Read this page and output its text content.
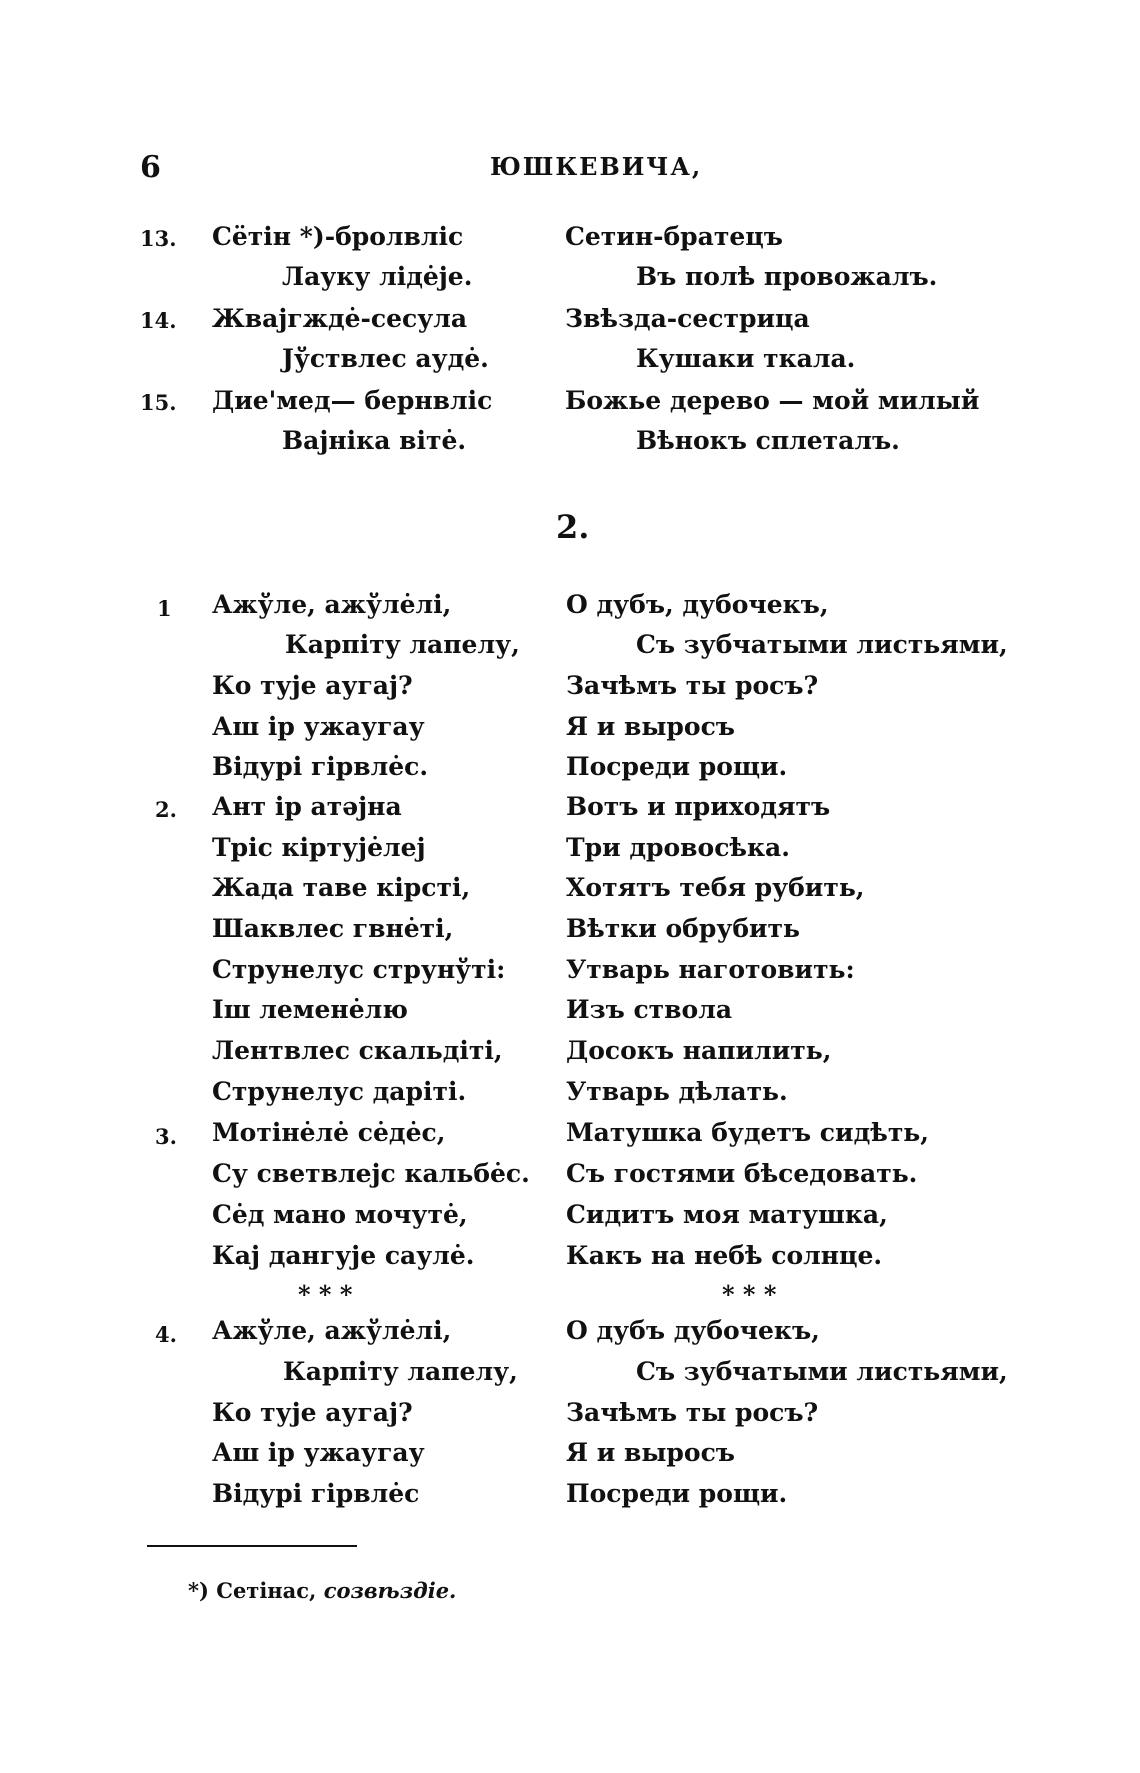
6	ЮШКЕВИЧА,
13. Сётін *)-бролвліс
Лауку лідėје.
Сетин-братецъ
Въ полѣ провожалъ.
14. Жвајгждė-сесула
Јўствлес аудė.
Звѣзда-сестрица
Кушаки ткала.
15. Дие'мед— бернвліс
Вајніка вітė.
Божье дерево — мой милый
Вѣнокъ сплеталъ.
2.
1 Ажўле, ажўлėлі,
Карпіту лапелу,
Ко тује аугај?
Аш ір ужаугау
Відурі гірвлėс.
О дубъ, дубочекъ,
Съ зубчатыми листьями,
Зачѣмъ ты росъ?
Я и выросъ
Посреди рощи.
2. Ант ір атәјна
Тріс кіртујėлеј
Жада таве кірсті,
Шаквлес гвнėті,
Струнелус струнўті:
Іш леменėлю
Лентвлес скальдіті,
Струнелус даріті.
Вотъ и приходятъ
Три дровосѣка.
Хотятъ тебя рубить,
Вѣтки обрубить
Утварь наготовить:
Изъ ствола
Досокъ напилить,
Утварь дѣлать.
3. Мотінėлė сėдėс,
Су светвлејс кальбėс.
Сėд мано мочутė,
Кај дангује саулė.
Матушка будетъ сидѣть,
Съ гостями бѣседовать.
Сидитъ моя матушка,
Какъ на небѣ солнце.
* * *	* * *
4. Ажўле, ажўлėлі,
Карпіту лапелу,
Ко тује аугај?
Аш ір ужаугау
Відурі гірвлėс
О дубъ дубочекъ,
Съ зубчатыми листьями,
Зачѣмъ ты росъ?
Я и выросъ
Посреди рощи.
*) Сетінас, созвѣздіе.
